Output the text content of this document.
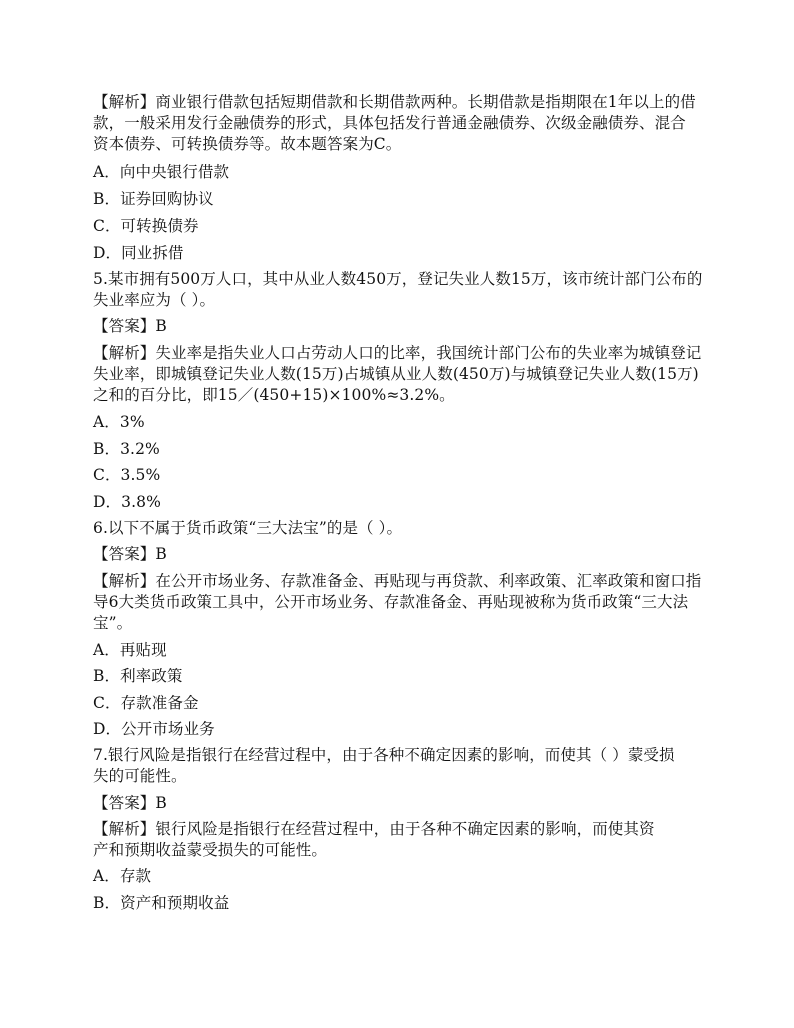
【解析】商业银行借款包括短期借款和长期借款两种。长期借款是指期限在1年以上的借
款，一般采用发行金融债券的形式，具体包括发行普通金融债券、次级金融债券、混合
资本债券、可转换债券等。故本题答案为C。
A．向中央银行借款
B．证券回购协议
C．可转换债券
D．同业拆借
5.某市拥有500万人口，其中从业人数450万，登记失业人数15万，该市统计部门公布的
失业率应为（ ）。
【答案】B
【解析】失业率是指失业人口占劳动人口的比率，我国统计部门公布的失业率为城镇登记
失业率，即城镇登记失业人数(15万)占城镇从业人数(450万)与城镇登记失业人数(15万)
之和的百分比，即15／(450+15)×100%≈3.2%。
A．3%
B．3.2%
C．3.5%
D．3.8%
6.以下不属于货币政策“三大法宝”的是（ ）。
【答案】B
【解析】在公开市场业务、存款准备金、再贴现与再贷款、利率政策、汇率政策和窗口指
导6大类货币政策工具中，公开市场业务、存款准备金、再贴现被称为货币政策“三大法
宝”。
A．再贴现
B．利率政策
C．存款准备金
D．公开市场业务
7.银行风险是指银行在经营过程中，由于各种不确定因素的影响，而使其（ ）蒙受损
失的可能性。
【答案】B
【解析】银行风险是指银行在经营过程中，由于各种不确定因素的影响，而使其资
产和预期收益蒙受损失的可能性。
A．存款
B．资产和预期收益
